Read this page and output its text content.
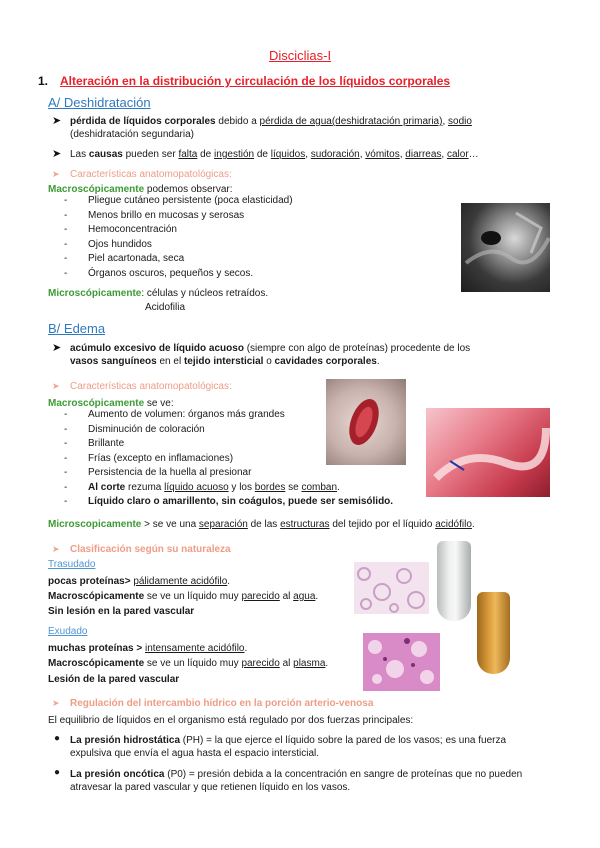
Disciclias-I
1. Alteración en la distribución y circulación de los líquidos corporales
A/ Deshidratación
➤ pérdida de líquidos corporales debido a pérdida de agua(deshidratación primaria), sodio
(deshidratación segundaria)
➤ Las causas pueden ser falta de ingestión de líquidos, sudoración, vómitos, diarreas, calor…
➤ Características anatomopatológicas:
Macroscópicamente podemos observar:
- Pliegue cutáneo persistente (poca elasticidad)
- Menos brillo en mucosas y serosas
- Hemoconcentración
- Ojos hundidos
- Piel acartonada, seca
- Órganos oscuros, pequeños y secos.
Microscópicamente: células y núcleos retraídos.
Acidofilia
B/ Edema
➤ acúmulo excesivo de líquido acuoso (siempre con algo de proteínas) procedente de los
vasos sanguíneos en el tejido intersticial o cavidades corporales.
➤ Características anatomopatológicas:
Macroscópicamente se ve:
- Aumento de volumen: órganos más grandes
- Disminución de coloración
- Brillante
- Frías (excepto en inflamaciones)
- Persistencia de la huella al presionar
- Al corte rezuma líquido acuoso y los bordes se comban.
- Líquido claro o amarillento, sin coágulos, puede ser semisólido.
Microscopicamente > se ve una separación de las estructuras del tejido por el líquido acidófilo.
➤ Clasificación según su naturaleza
Trasudado
pocas proteínas> pálidamente acidófilo.
Macroscópicamente se ve un líquido muy parecido al agua.
Sin lesión en la pared vascular
Exudado
muchas proteínas > intensamente acidófilo.
Macroscópicamente se ve un líquido muy parecido al plasma.
Lesión de la pared vascular
➤ Regulación del intercambio hídrico en la porción arterio-venosa
El equilibrio de líquidos en el organismo está regulado por dos fuerzas principales:
● La presión hidrostática (PH) = la que ejerce el líquido sobre la pared de los vasos; es una fuerza
expulsiva que envía el agua hasta el espacio intersticial.
● La presión oncótica (P0) = presión debida a la concentración en sangre de proteínas que no pueden
atravesar la pared vascular y que retienen líquido en los vasos.
